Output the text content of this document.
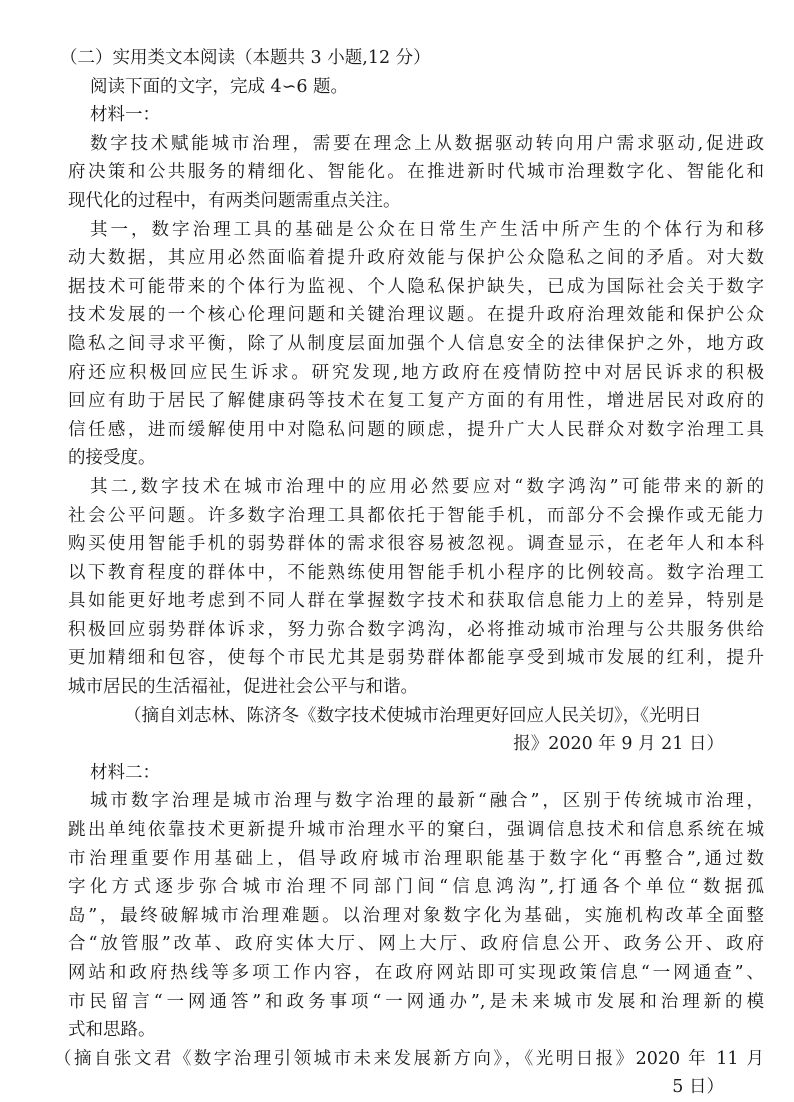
（二）实用类文本阅读（本题共 3 小题,12 分）
阅读下面的文字，完成 4∽6 题。
材料一：
数字技术赋能城市治理，需要在理念上从数据驱动转向用户需求驱动,促进政
府决策和公共服务的精细化、智能化。在推进新时代城市治理数字化、智能化和
现代化的过程中，有两类问题需重点关注。
其一，数字治理工具的基础是公众在日常生产生活中所产生的个体行为和移
动大数据，其应用必然面临着提升政府效能与保护公众隐私之间的矛盾。对大数
据技术可能带来的个体行为监视、个人隐私保护缺失，已成为国际社会关于数字
技术发展的一个核心伦理问题和关键治理议题。在提升政府治理效能和保护公众
隐私之间寻求平衡，除了从制度层面加强个人信息安全的法律保护之外，地方政
府还应积极回应民生诉求。研究发现,地方政府在疫情防控中对居民诉求的积极
回应有助于居民了解健康码等技术在复工复产方面的有用性，增进居民对政府的
信任感，进而缓解使用中对隐私问题的顾虑，提升广大人民群众对数字治理工具
的接受度。
其二,数字技术在城市治理中的应用必然要应对“数字鸿沟”可能带来的新的
社会公平问题。许多数字治理工具都依托于智能手机，而部分不会操作或无能力
购买使用智能手机的弱势群体的需求很容易被忽视。调查显示，在老年人和本科
以下教育程度的群体中，不能熟练使用智能手机小程序的比例较高。数字治理工
具如能更好地考虑到不同人群在掌握数字技术和获取信息能力上的差异，特别是
积极回应弱势群体诉求，努力弥合数字鸿沟，必将推动城市治理与公共服务供给
更加精细和包容，使每个市民尤其是弱势群体都能享受到城市发展的红利，提升
城市居民的生活福祉，促进社会公平与和谐。
（摘自刘志林、陈济冬《数字技术使城市治理更好回应人民关切》，《光明日
报》2020 年 9 月 21 日）
材料二：
城市数字治理是城市治理与数字治理的最新“融合”，区别于传统城市治理，
跳出单纯依靠技术更新提升城市治理水平的窠臼，强调信息技术和信息系统在城
市治理重要作用基础上，倡导政府城市治理职能基于数字化“再整合”,通过数
字化方式逐步弥合城市治理不同部门间“信息鸿沟”,打通各个单位“数据孤
岛”，最终破解城市治理难题。以治理对象数字化为基础，实施机构改革全面整
合“放管服”改革、政府实体大厅、网上大厅、政府信息公开、政务公开、政府
网站和政府热线等多项工作内容，在政府网站即可实现政策信息“一网通查”、
市民留言“一网通答”和政务事项“一网通办”,是未来城市发展和治理新的模
式和思路。
（摘自张文君《数字治理引领城市未来发展新方向》，《光明日报》2020 年 11 月
5 日）
